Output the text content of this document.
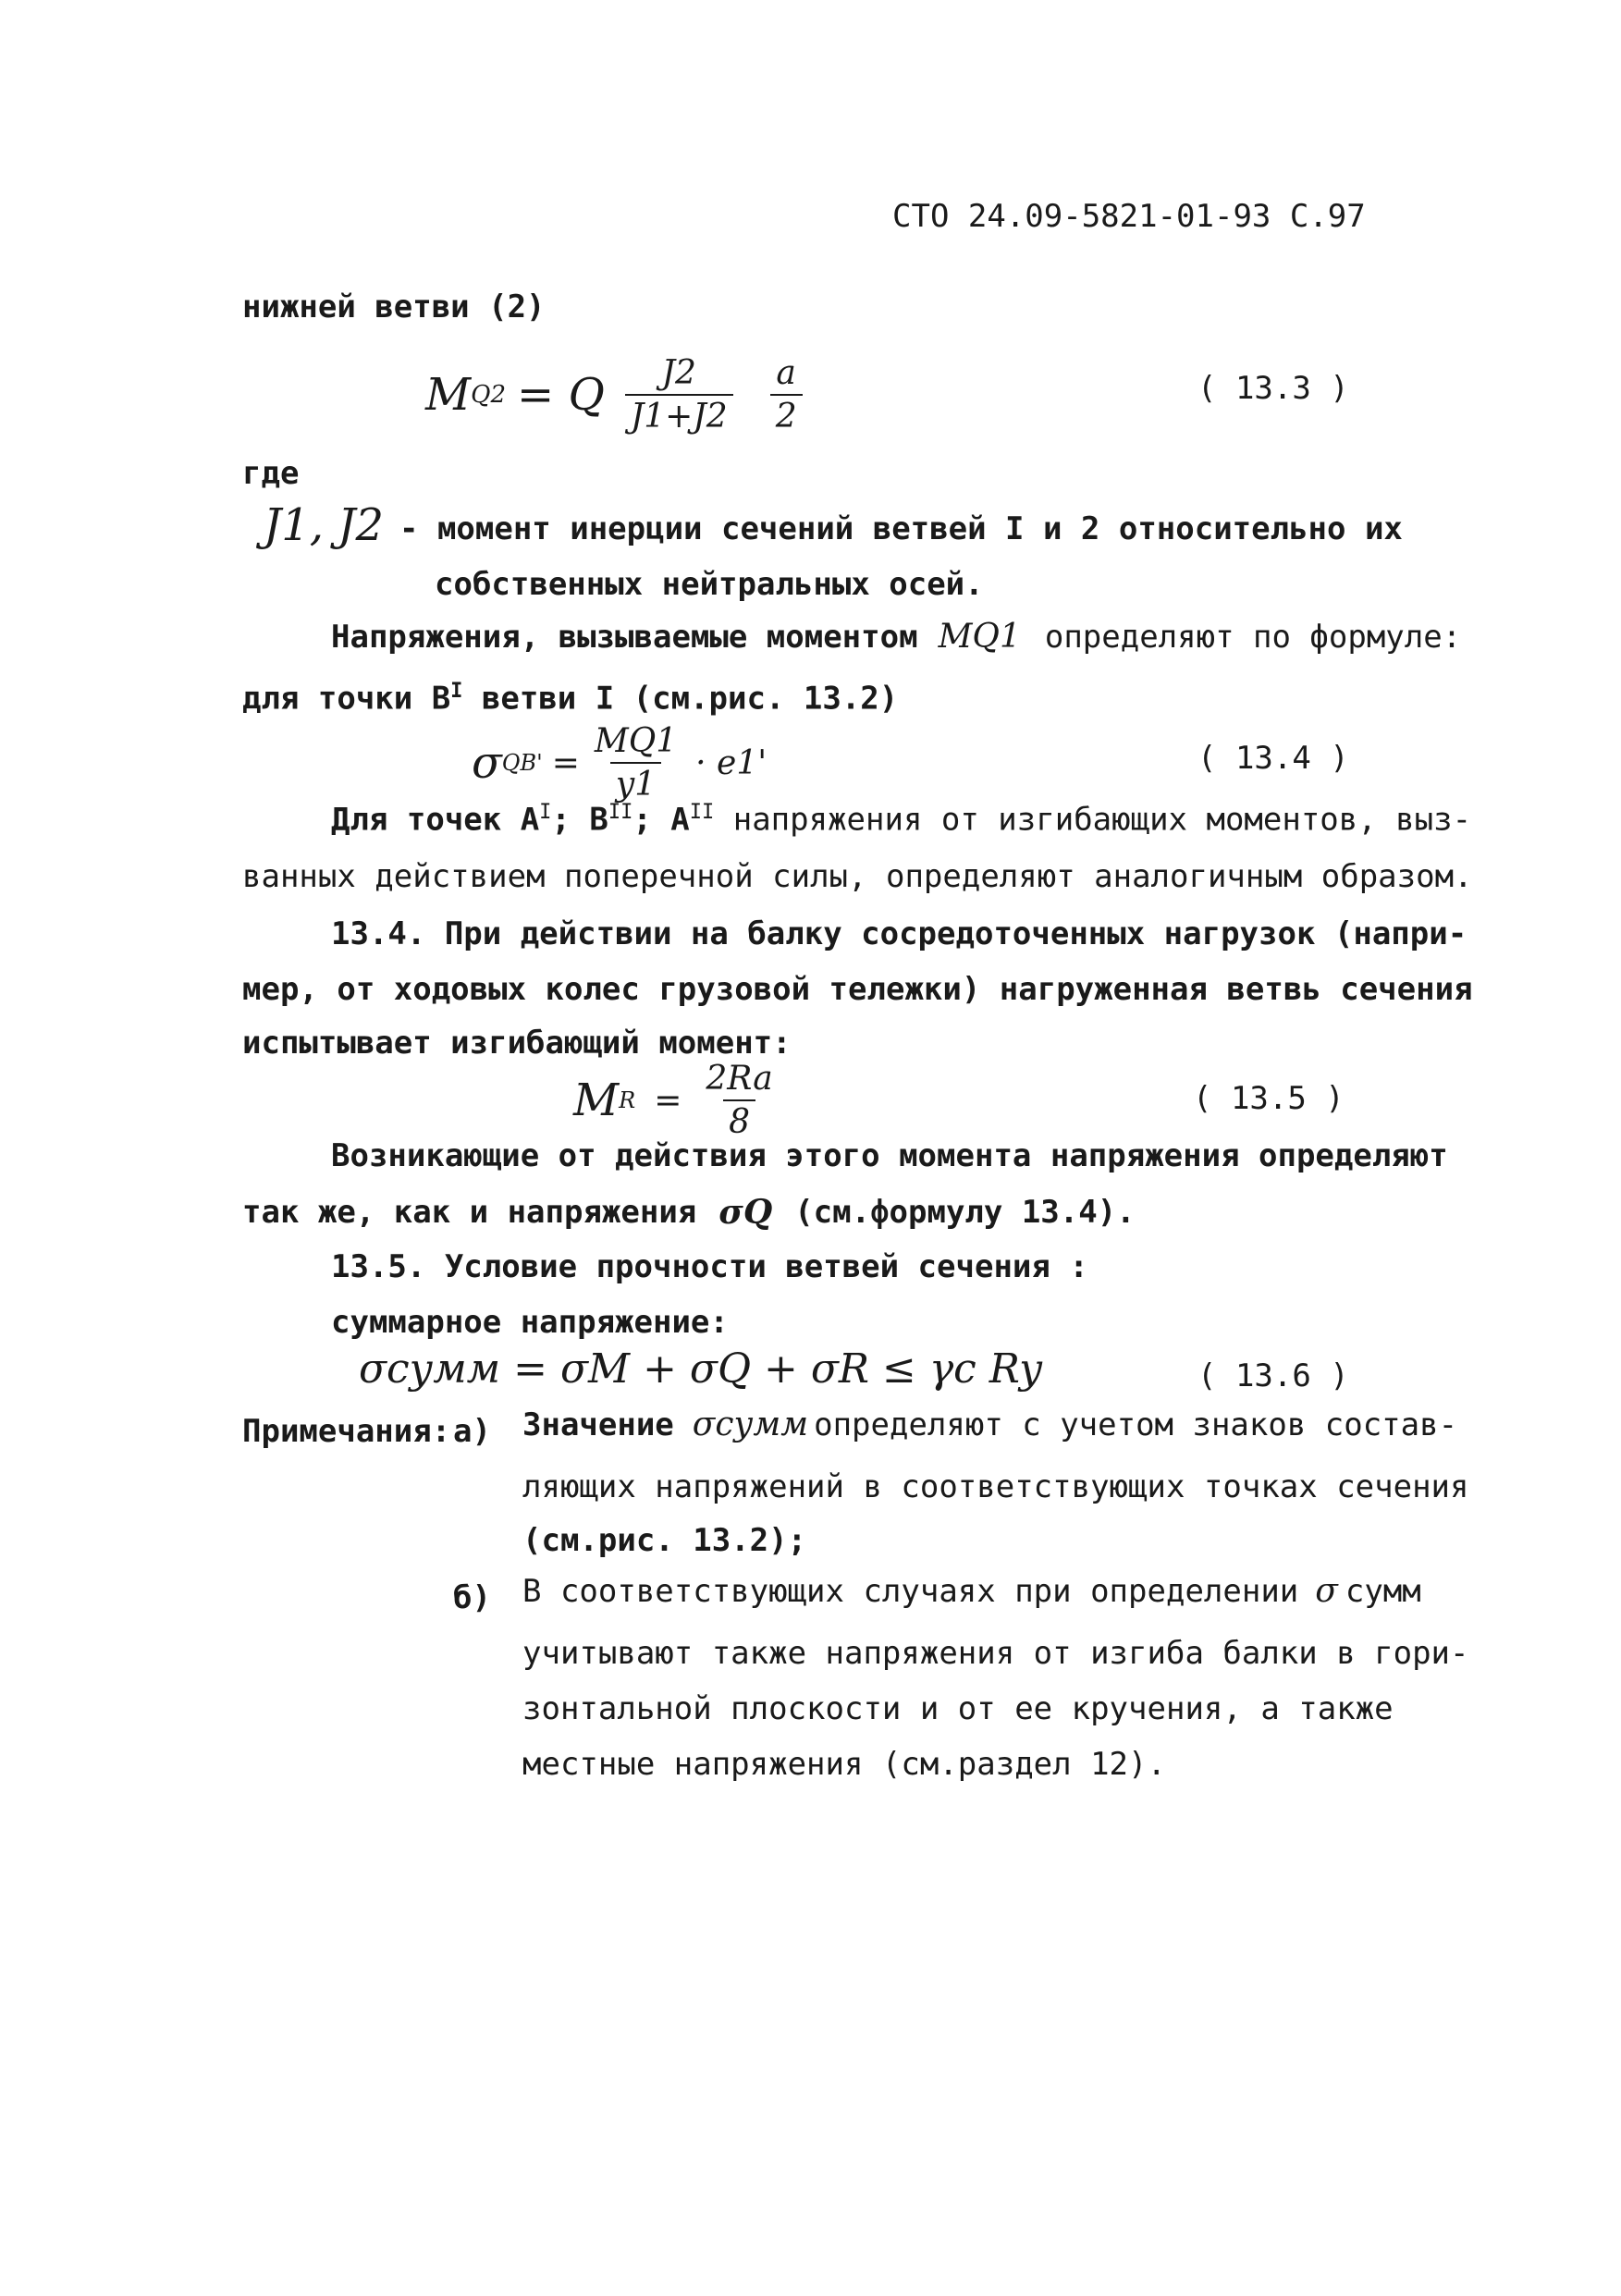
СТО 24.09-5821-01-93 С.97
нижней ветви (2)
M Q2 = Q $\frac{J2}{J1+J2} \frac{a}{2}$	( 13.3 )
где
J1, J2 - момент инерции сечений ветвей I и 2 относительно их
собственных нейтральных осей.
Напряжения, вызываемые моментом MQ1 определяют по формуле:
для точки $В^I$ ветви I (см.рис. 13.2)
σ $QB' = \frac{MQ1}{y1} \cdot e1'$	( 13.4 )
Для точек $А^I$; $В^{II}$; $А^{II}$ напряжения от изгибающих моментов, выз-
ванных действием поперечной силы, определяют аналогичным образом.
13.4. При действии на балку сосредоточенных нагрузок (напри-
мер, от ходовых колес грузовой тележки) нагруженная ветвь сечения
испытывает изгибающий момент:
M $R = \frac{2Ra}{8}$	( 13.5 )
Возникающие от действия этого момента напряжения определяют
так же, как и напряжения σQ (см.формулу 13.4).
13.5. Условие прочности ветвей сечения :
суммарное напряжение:
σсумм = σM + σQ + σR ≤ γc Ry	( 13.6 )
Примечания: а) Значение σсумм определяют с учетом знаков состав-
ляющих напряжений в соответствующих точках сечения
(см.рис. 13.2);
б) В соответствующих случаях при определении σ сумм
учитывают также напряжения от изгиба балки в гори-
зонтальной плоскости и от ее кручения, а также
местные напряжения (см.раздел 12).
